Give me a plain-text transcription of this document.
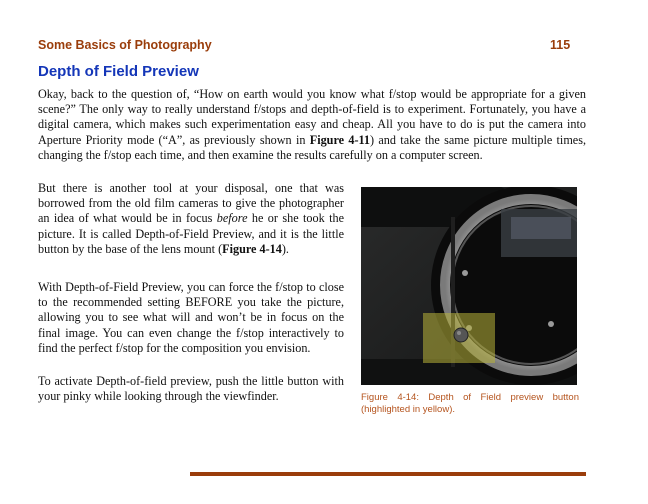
Some Basics of Photography	115
Depth of Field Preview

Okay, back to the question of, “How on earth would you know what f/stop would be appropriate for a given scene?” The only way to really understand f/stops and depth-of-field is to experiment. Fortunately, you have a digital camera, which makes such experimentation easy and cheap. All you have to do is put the camera into Aperture Priority mode (“A”, as previously shown in Figure 4-11) and take the same picture multiple times, changing the f/stop each time, and then examine the results carefully on a computer screen.

But there is another tool at your disposal, one that was borrowed from the old film cameras to give the photographer an idea of what would be in focus before he or she took the picture. It is called Depth-of-Field Preview, and it is the little button by the base of the lens mount (Figure 4-14).

With Depth-of-Field Preview, you can force the f/stop to close to the recommended setting BEFORE you take the picture, allowing you to see what will and won’t be in focus on the final image. You can even change the f/stop interactively to find the perfect f/stop for the composition you envision.

To activate Depth-of-field preview, push the little button with your pinky while looking through the viewfinder.	Figure 4-14: Depth of Field preview button (highlighted in yellow).
